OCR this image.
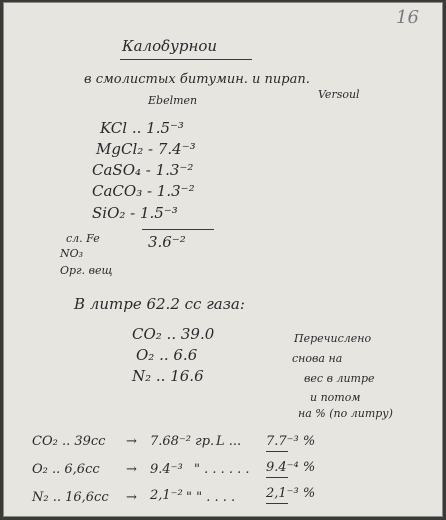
16
Калоδурнои
в смолиcтых битумин. и пирап.
Ebelmen	Versoul
KCl .. 1.5⁻³
MgCl₂ - 7.4⁻³
CaSO₄ - 1.3⁻²
CaCO₃ - 1.3⁻²
SiO₂ - 1.5⁻³
сл. Fe
NO₃
Орг. вещ
3.6⁻²
В литре 62.2 cc газа:
CO₂ .. 39.0
O₂ .. 6.6
N₂ .. 16.6
Перечислено
снова на
вес в литре
и потом
на % (по литру)
CO₂ .. 39cc → 7.68⁻² гр. L ... 7.7⁻³ %
O₂ .. 6,6cc → 9.4⁻³ " . . . . . . 9.4⁻⁴ %
N₂ .. 16,6cc → 2,1⁻² " " . . . . 2,1⁻³ %
